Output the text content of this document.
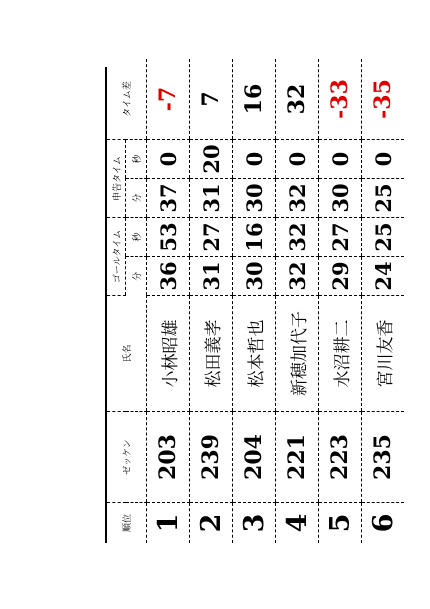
順位	ゼッケン	氏名	ゴールタイム		申告タイム		タイム差
			分	秒	分	秒	
1	203	小林昭雄	36	53	37	0	-7
2	239	松田義孝	31	27	31	20	7
3	204	松本哲也	30	16	30	0	16
4	221	新穂加代子	32	32	32	0	32
5	223	水沼耕二	29	27	30	0	-33
6	235	宮川友香	24	25	25	0	-35
